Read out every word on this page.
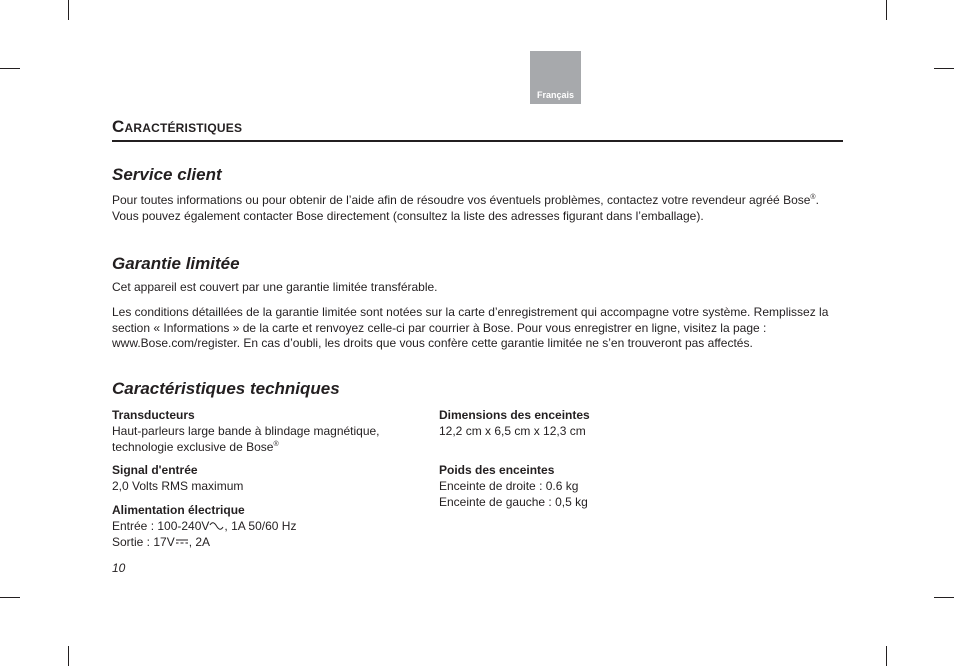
Français
Caractéristiques
Service client

Pour toutes informations ou pour obtenir de l’aide afin de résoudre vos éventuels problèmes, contactez votre revendeur agréé Bose®. Vous pouvez également contacter Bose directement (consultez la liste des adresses figurant dans l’emballage).

Garantie limitée

Cet appareil est couvert par une garantie limitée transférable.

Les conditions détaillées de la garantie limitée sont notées sur la carte d’enregistrement qui accompagne votre système. Remplissez la section « Informations » de la carte et renvoyez celle-ci par courrier à Bose. Pour vous enregistrer en ligne, visitez la page : www.Bose.com/register. En cas d’oubli, les droits que vous confère cette garantie limitée ne s’en trouveront pas affectés.

Caractéristiques techniques
Transducteurs
Haut-parleurs large bande à blindage magnétique,
technologie exclusive de Bose®
Signal d'entrée
2,0 Volts RMS maximum
Alimentation électrique
Entrée : 100-240V , 1A 50/60 Hz
Sortie : 17V , 2A
Dimensions des enceintes
12,2 cm x 6,5 cm x 12,3 cm
Poids des enceintes
Enceinte de droite : 0.6 kg
Enceinte de gauche : 0,5 kg
10
